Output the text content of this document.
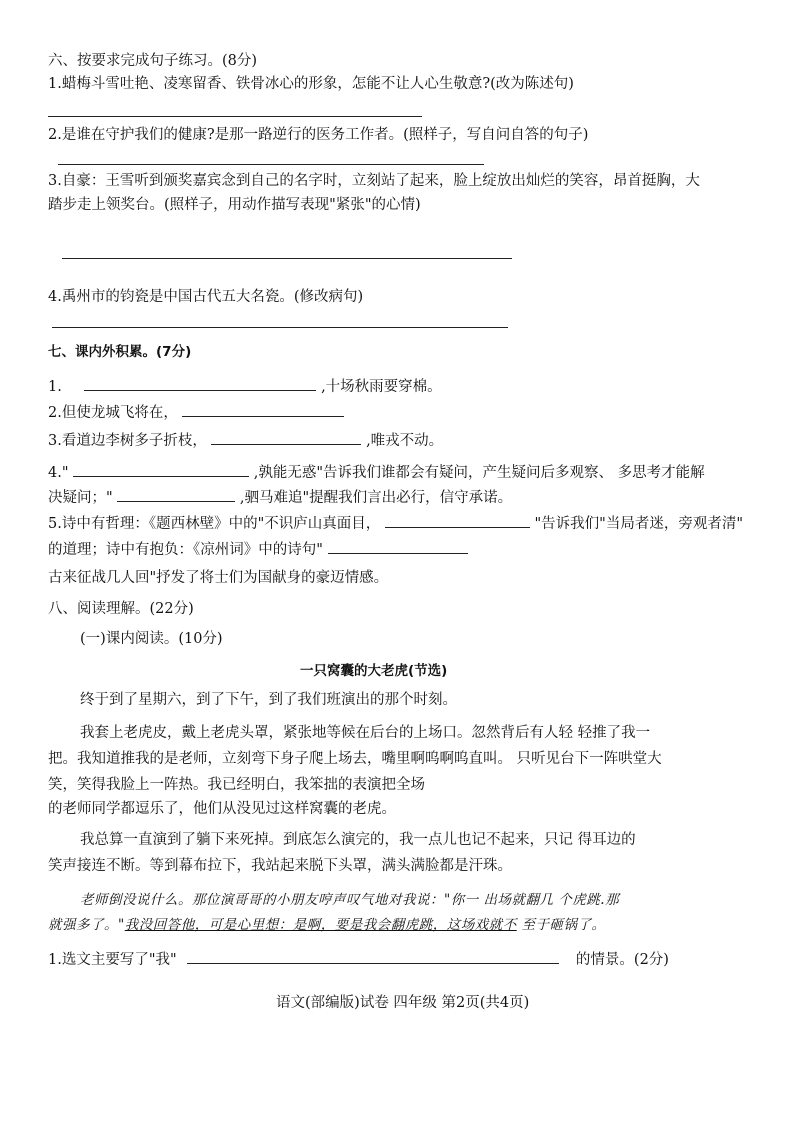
六、按要求完成句子练习。(8分)
1.蜡梅斗雪吐艳、凌寒留香、铁骨冰心的形象，怎能不让人心生敬意?(改为陈述句)
2.是谁在守护我们的健康?是那一路逆行的医务工作者。(照样子，写自问自答的句子)
3.自豪：王雪听到颁奖嘉宾念到自己的名字时，立刻站了起来，脸上绽放出灿烂的笑容，昂首挺胸，大
踏步走上领奖台。(照样子，用动作描写表现"紧张"的心情)
4.禹州市的钧瓷是中国古代五大名瓷。(修改病句)
七、课内外积累。(7分)
1.	,十场秋雨要穿棉。
2.但使龙城飞将在，
3.看道边李树多子折枝，	,唯戎不动。
4."	,孰能无惑"告诉我们谁都会有疑问，产生疑问后多观察、 多思考才能解
决疑问；"	,驷马难追"提醒我们言出必行，信守承诺。
5.诗中有哲理：《题西林壁》中的"不识庐山真面目，	"告诉我们"当局者迷，旁观者清"
的道理；诗中有抱负：《凉州词》中的诗句"
古来征战几人回"抒发了将士们为国献身的豪迈情感。
八、阅读理解。(22分)
(一)课内阅读。(10分)
一只窝囊的大老虎(节选)
终于到了星期六，到了下午，到了我们班演出的那个时刻。
我套上老虎皮，戴上老虎头罩，紧张地等候在后台的上场口。忽然背后有人轻 轻推了我一
把。我知道推我的是老师，立刻弯下身子爬上场去，嘴里啊呜啊呜直叫。 只听见台下一阵哄堂大
笑，笑得我脸上一阵热。我已经明白，我笨拙的表演把全场
的老师同学都逗乐了，他们从没见过这样窝囊的老虎。
我总算一直演到了躺下来死掉。到底怎么演完的，我一点儿也记不起来，只记 得耳边的
笑声接连不断。等到幕布拉下，我站起来脱下头罩，满头满脸都是汗珠。
老师倒没说什么。那位演哥哥的小朋友哼声叹气地对我说："你一 出场就翻几 个虎跳.那
就强多了。"我没回答他，可是心里想：是啊，要是我会翻虎跳，这场戏就不 至于砸锅了。
1.选文主要写了"我"	的情景。(2分)
语文(部编版)试卷 四年级 第2页(共4页)
